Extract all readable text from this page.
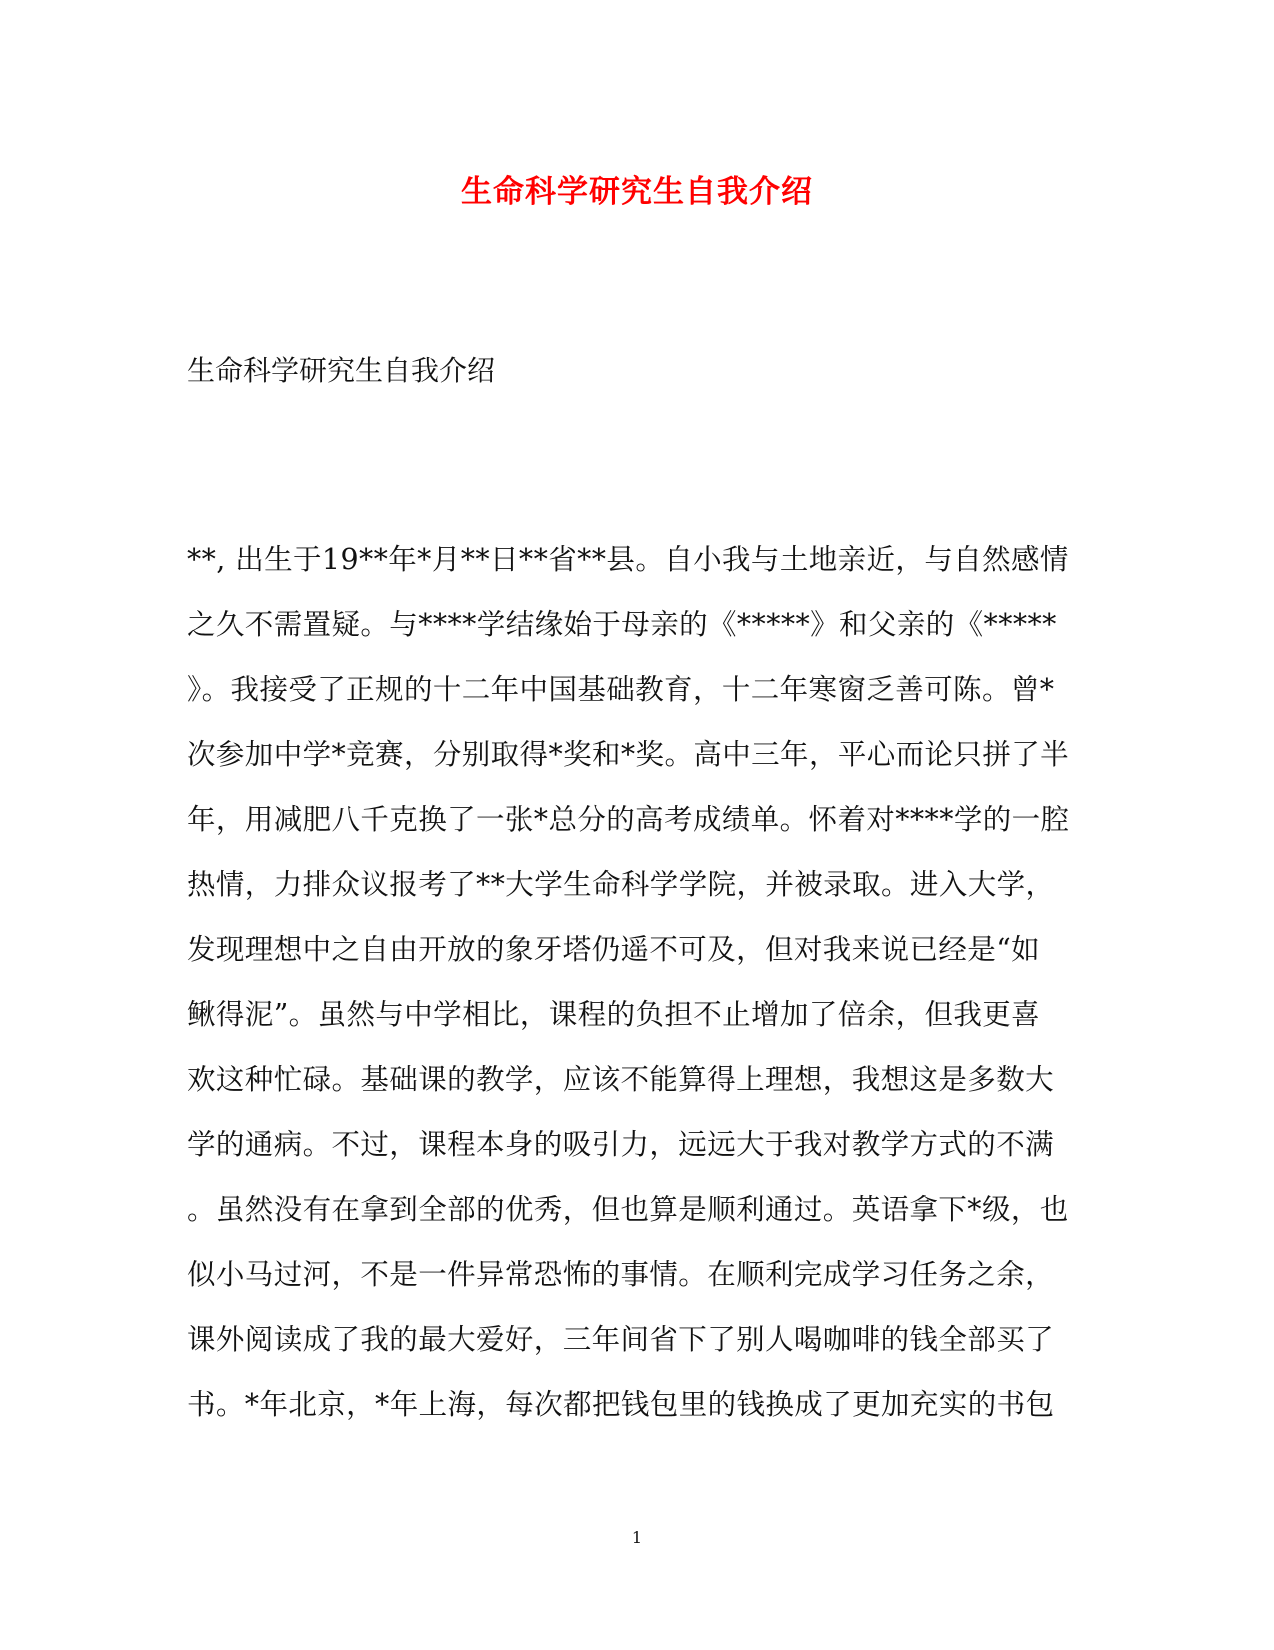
生命科学研究生自我介绍
生命科学研究生自我介绍
**, 出生于19**年*月**日**省**县。自小我与土地亲近，与自然感情
之久不需置疑。与****学结缘始于母亲的《*****》和父亲的《*****
》。我接受了正规的十二年中国基础教育，十二年寒窗乏善可陈。曾*
次参加中学*竞赛，分别取得*奖和*奖。高中三年，平心而论只拼了半
年，用减肥八千克换了一张*总分的高考成绩单。怀着对****学的一腔
热情，力排众议报考了**大学生命科学学院，并被录取。进入大学，
发现理想中之自由开放的象牙塔仍遥不可及，但对我来说已经是“如
鳅得泥”。虽然与中学相比，课程的负担不止增加了倍余，但我更喜
欢这种忙碌。基础课的教学，应该不能算得上理想，我想这是多数大
学的通病。不过，课程本身的吸引力，远远大于我对教学方式的不满
。虽然没有在拿到全部的优秀，但也算是顺利通过。英语拿下*级，也
似小马过河，不是一件异常恐怖的事情。在顺利完成学习任务之余，
课外阅读成了我的最大爱好，三年间省下了别人喝咖啡的钱全部买了
书。*年北京，*年上海，每次都把钱包里的钱换成了更加充实的书包
1
